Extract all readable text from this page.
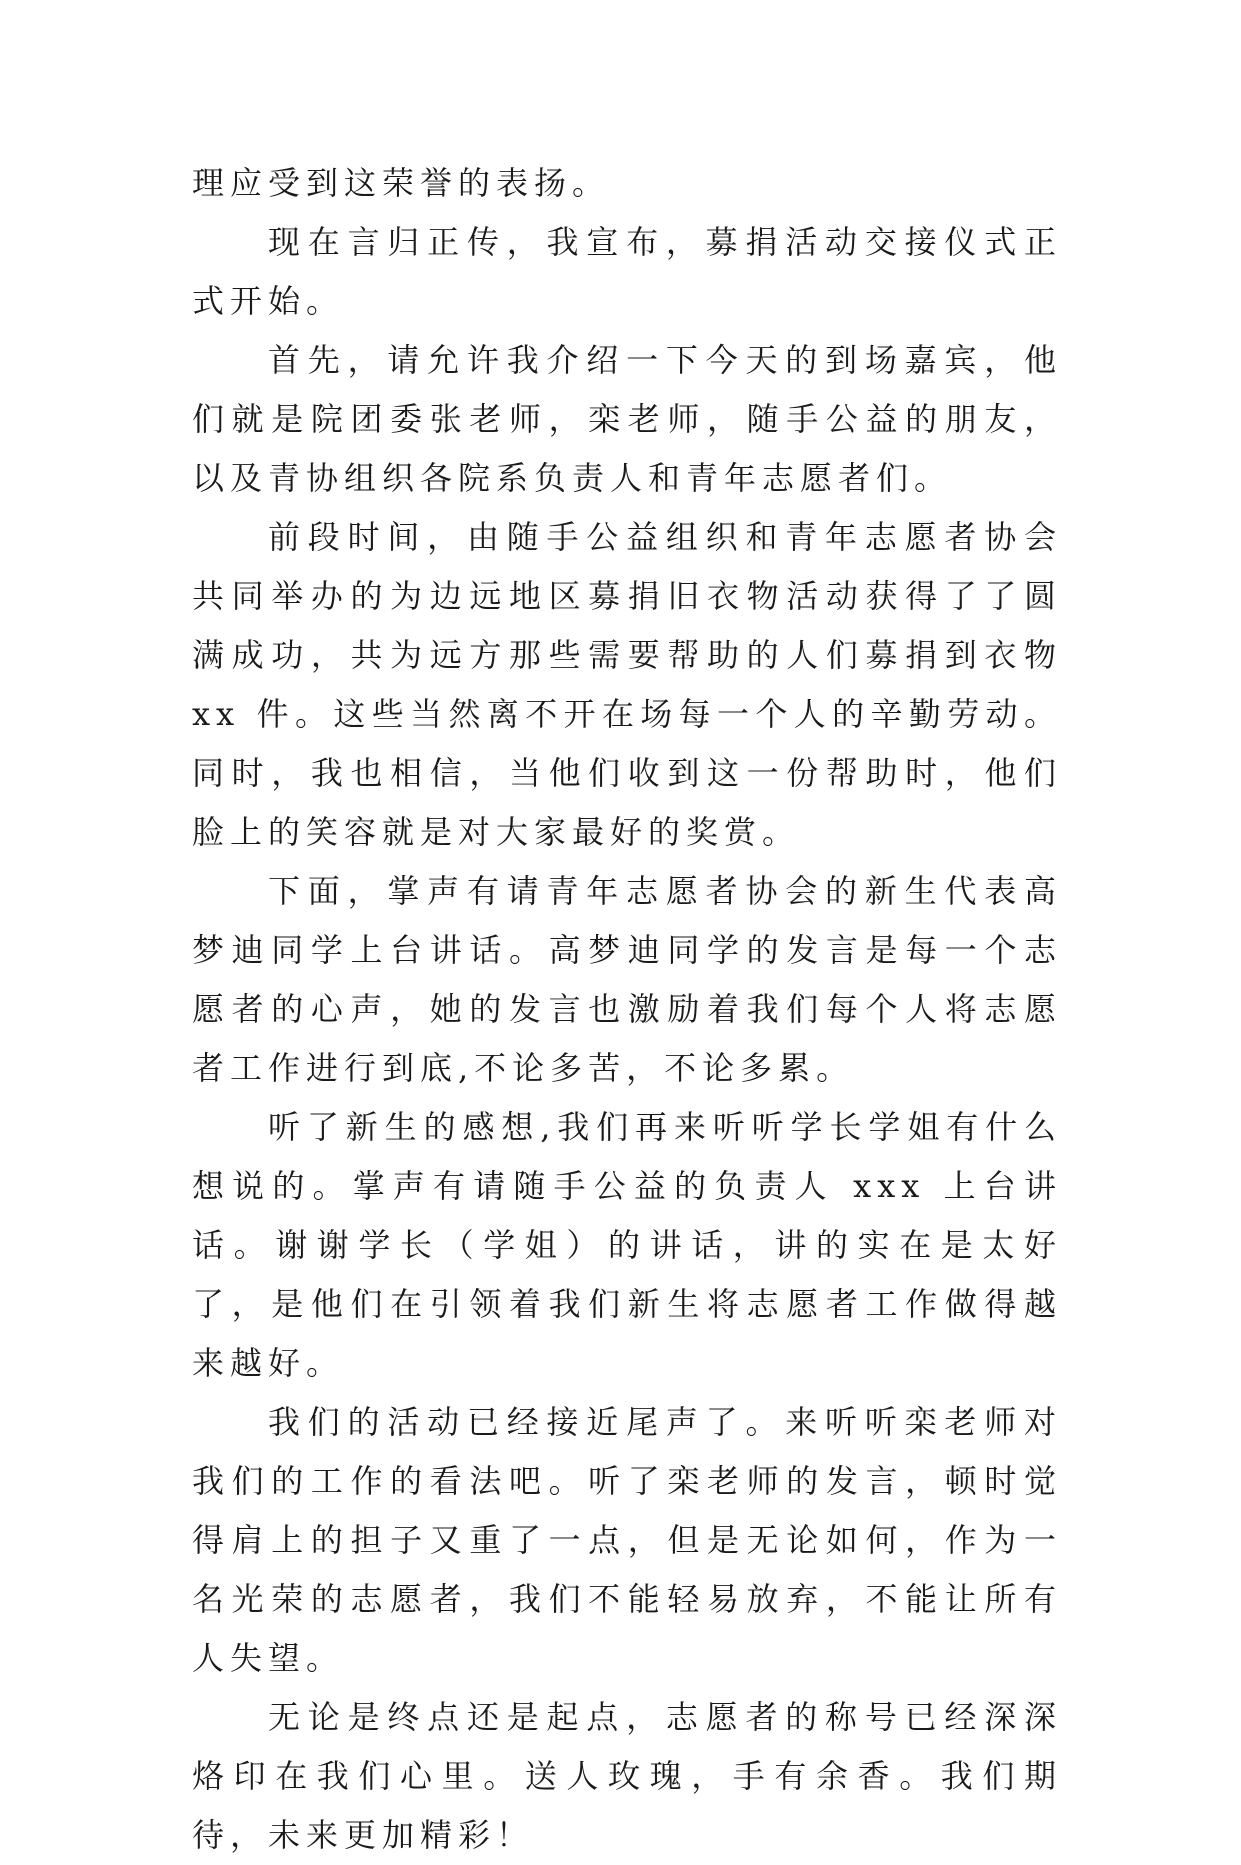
理应受到这荣誉的表扬。

现在言归正传，我宣布，募捐活动交接仪式正式开始。

首先，请允许我介绍一下今天的到场嘉宾，他们就是院团委张老师，栾老师，随手公益的朋友，以及青协组织各院系负责人和青年志愿者们。

前段时间，由随手公益组织和青年志愿者协会共同举办的为边远地区募捐旧衣物活动获得了了圆满成功，共为远方那些需要帮助的人们募捐到衣物 xx 件。这些当然离不开在场每一个人的辛勤劳动。同时，我也相信，当他们收到这一份帮助时，他们脸上的笑容就是对大家最好的奖赏。

下面，掌声有请青年志愿者协会的新生代表高梦迪同学上台讲话。高梦迪同学的发言是每一个志愿者的心声，她的发言也激励着我们每个人将志愿者工作进行到底,不论多苦，不论多累。

听了新生的感想,我们再来听听学长学姐有什么想说的。掌声有请随手公益的负责人 xxx 上台讲话。谢谢学长（学姐）的讲话，讲的实在是太好了，是他们在引领着我们新生将志愿者工作做得越来越好。

我们的活动已经接近尾声了。来听听栾老师对我们的工作的看法吧。听了栾老师的发言，顿时觉得肩上的担子又重了一点，但是无论如何，作为一名光荣的志愿者，我们不能轻易放弃，不能让所有人失望。

无论是终点还是起点，志愿者的称号已经深深烙印在我们心里。送人玫瑰，手有余香。我们期待，未来更加精彩！
